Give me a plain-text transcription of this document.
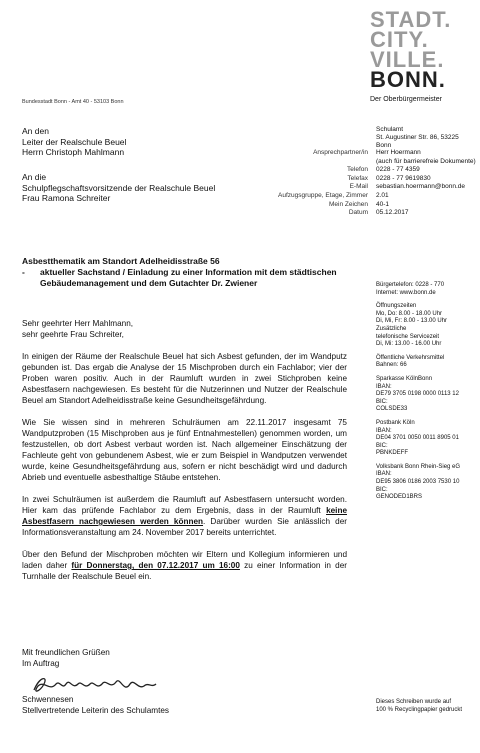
STADT.
CITY.
VILLE.
BONN.
Der Oberbürgermeister
Bundesstadt Bonn - Amt 40 - 53103 Bonn
An den
Leiter der Realschule Beuel
Herrn Christoph Mahlmann
An die
Schulpflegschaftsvorsitzende der Realschule Beuel
Frau Ramona Schreiter
Schulamt
St. Augustiner Str. 86, 53225
Bonn
Ansprechpartner/in	Herr Hoermann
(auch für barrierefreie Dokumente)
Telefon	0228 - 77 4359
Telefax	0228 - 77 9619830
E-Mail	sebastian.hoermann@bonn.de
Aufzugsgruppe, Etage, Zimmer	2.01
Mein Zeichen	40-1
Datum	05.12.2017
Asbestthematik am Standort Adelheidisstraße 56
-	aktueller Sachstand / Einladung zu einer Information mit dem städtischen Gebäudemanagement und dem Gutachter Dr. Zwiener	Bürgertelefon: 0228 - 770
Internet: www.bonn.de
Öffnungszeiten
Mo, Do: 8.00 - 18.00 Uhr
Di, Mi, Fr: 8.00 - 13.00 Uhr
Zusätzliche
telefonische Servicezeit
Di, Mi: 13.00 - 16.00 Uhr
Öffentliche Verkehrsmittel
Bahnen: 66
Sparkasse KölnBonn
IBAN:
DE79 3705 0198 0000 0113 12
BIC:
COLSDE33
Postbank Köln
IBAN:
DE04 3701 0050 0011 8905 01
BIC:
PBNKDEFF
Volksbank Bonn Rhein-Sieg eG
IBAN:
DE95 3806 0186 2003 7530 10
BIC:
GENODED1BRS

Sehr geehrter Herr Mahlmann,
sehr geehrte Frau Schreiter,

In einigen der Räume der Realschule Beuel hat sich Asbest gefunden, der im Wandputz gebunden ist. Das ergab die Analyse der 15 Mischproben durch ein Fachlabor; vier der Proben waren positiv. Auch in der Raumluft wurden in zwei Stichproben keine Asbestfasern nachgewiesen. Es besteht für die Nutzerinnen und Nutzer der Realschule Beuel am Standort Adelheidisstraße keine Gesundheitsgefährdung.

Wie Sie wissen sind in mehreren Schulräumen am 22.11.2017 insgesamt 75 Wandputzproben (15 Mischproben aus je fünf Entnahmestellen) genommen worden, um festzustellen, ob dort Asbest verbaut worden ist. Nach allgemeiner Einschätzung der Fachleute geht von gebundenem Asbest, wie er zum Beispiel in Wandputzen verwendet wurde, keine Gesundheitsgefährdung aus, sofern er nicht beschädigt wird und dadurch Abrieb und eventuelle asbesthaltige Stäube entstehen.

In zwei Schulräumen ist außerdem die Raumluft auf Asbestfasern untersucht worden. Hier kam das prüfende Fachlabor zu dem Ergebnis, dass in der Raumluft keine Asbestfasern nachgewiesen werden können. Darüber wurden Sie anlässlich der Informationsveranstaltung am 24. November 2017 bereits unterrichtet.

Über den Befund der Mischproben möchten wir Eltern und Kollegium informieren und laden daher für Donnerstag, den 07.12.2017 um 16:00 zu einer Information in der Turnhalle der Realschule Beuel ein.

Mit freundlichen Grüßen
Im Auftrag
Schwennesen
Stellvertretende Leiterin des Schulamtes
Dieses Schreiben wurde auf
100 % Recyclingpapier gedruckt
